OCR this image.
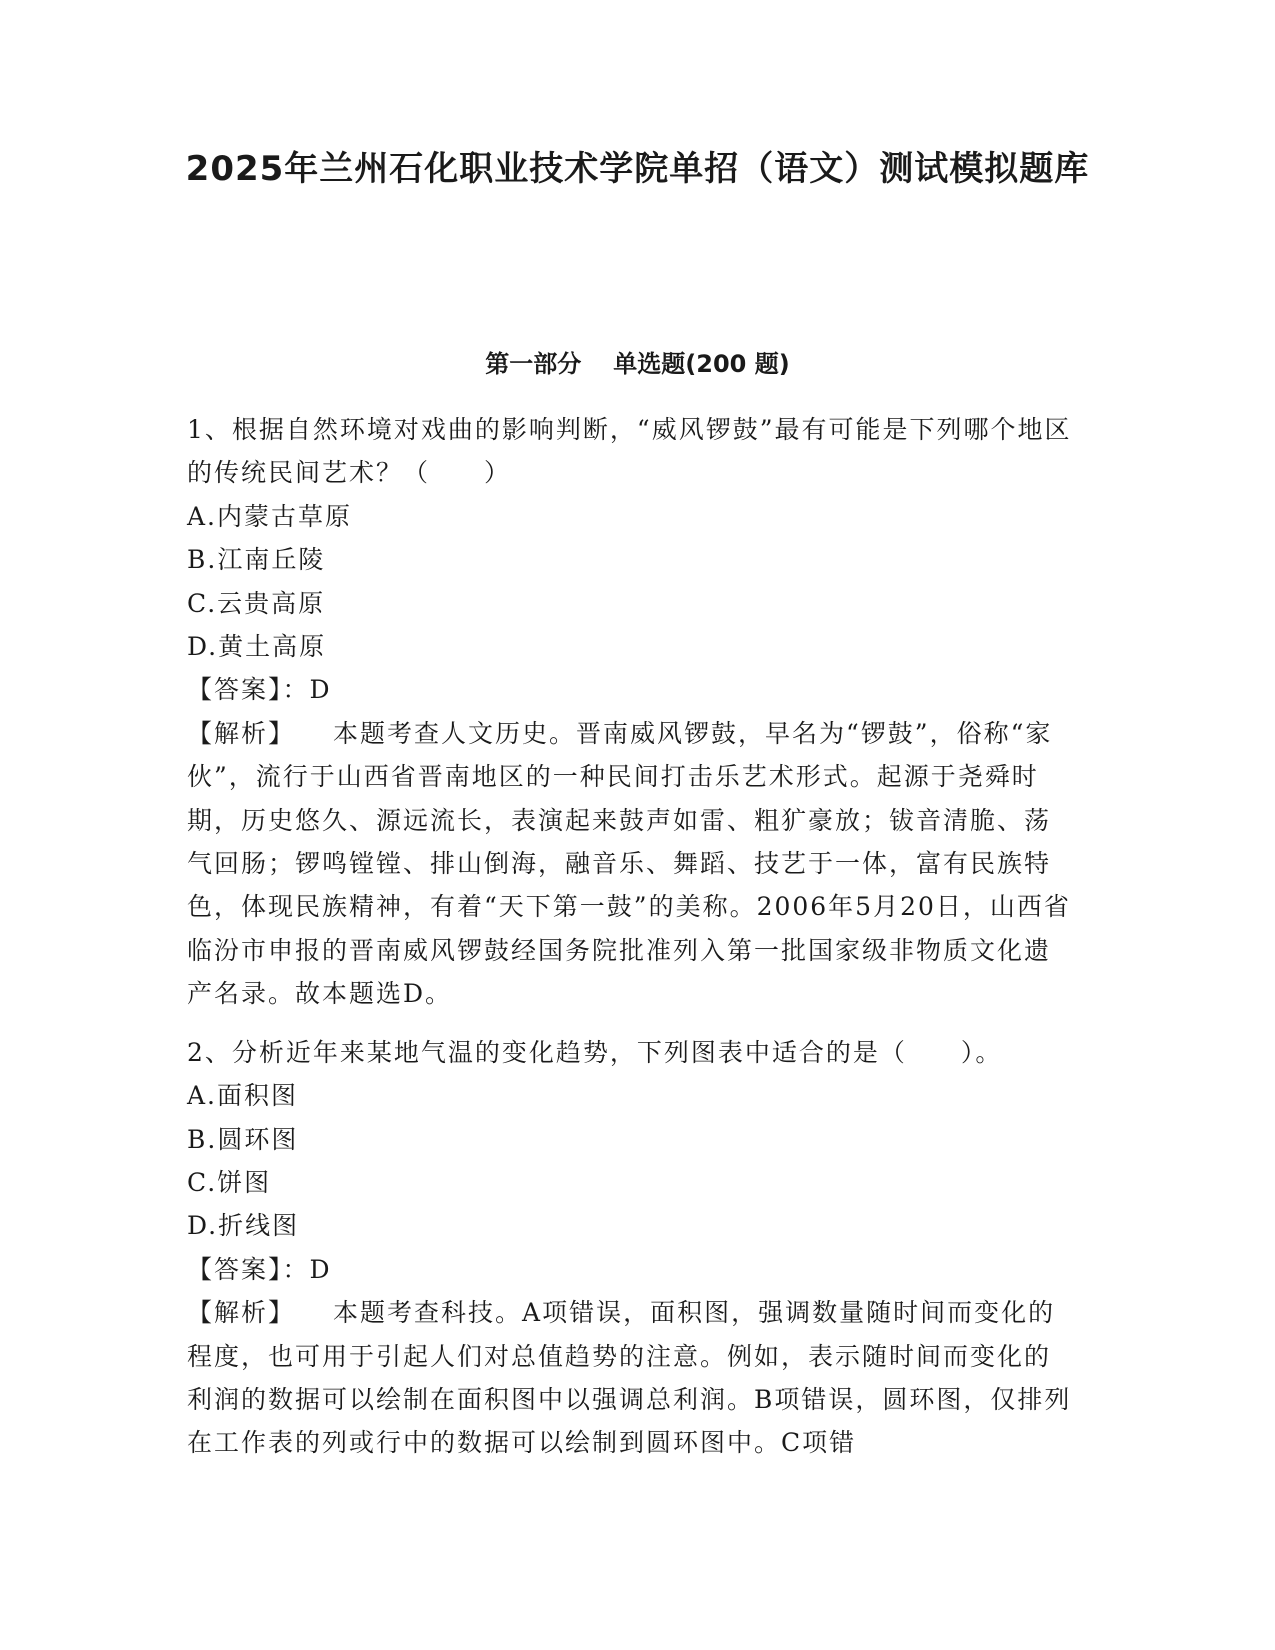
2025年兰州石化职业技术学院单招（语文）测试模拟题库
第一部分 单选题(200 题)

1、根据自然环境对戏曲的影响判断，“威风锣鼓”最有可能是下列哪个地区的传统民间艺术？（　　）

A.内蒙古草原

B.江南丘陵

C.云贵高原

D.黄土高原

【答案】：D

【解析】 本题考查人文历史。晋南威风锣鼓，早名为“锣鼓”，俗称“家伙”，流行于山西省晋南地区的一种民间打击乐艺术形式。起源于尧舜时期，历史悠久、源远流长，表演起来鼓声如雷、粗犷豪放；钹音清脆、荡气回肠；锣鸣镗镗、排山倒海，融音乐、舞蹈、技艺于一体，富有民族特色，体现民族精神，有着“天下第一鼓”的美称。2006年5月20日，山西省临汾市申报的晋南威风锣鼓经国务院批准列入第一批国家级非物质文化遗产名录。故本题选D。

2、分析近年来某地气温的变化趋势，下列图表中适合的是（　　）。

A.面积图

B.圆环图

C.饼图

D.折线图

【答案】：D

【解析】 本题考查科技。A项错误，面积图，强调数量随时间而变化的程度，也可用于引起人们对总值趋势的注意。例如，表示随时间而变化的利润的数据可以绘制在面积图中以强调总利润。B项错误，圆环图，仅排列在工作表的列或行中的数据可以绘制到圆环图中。C项错
